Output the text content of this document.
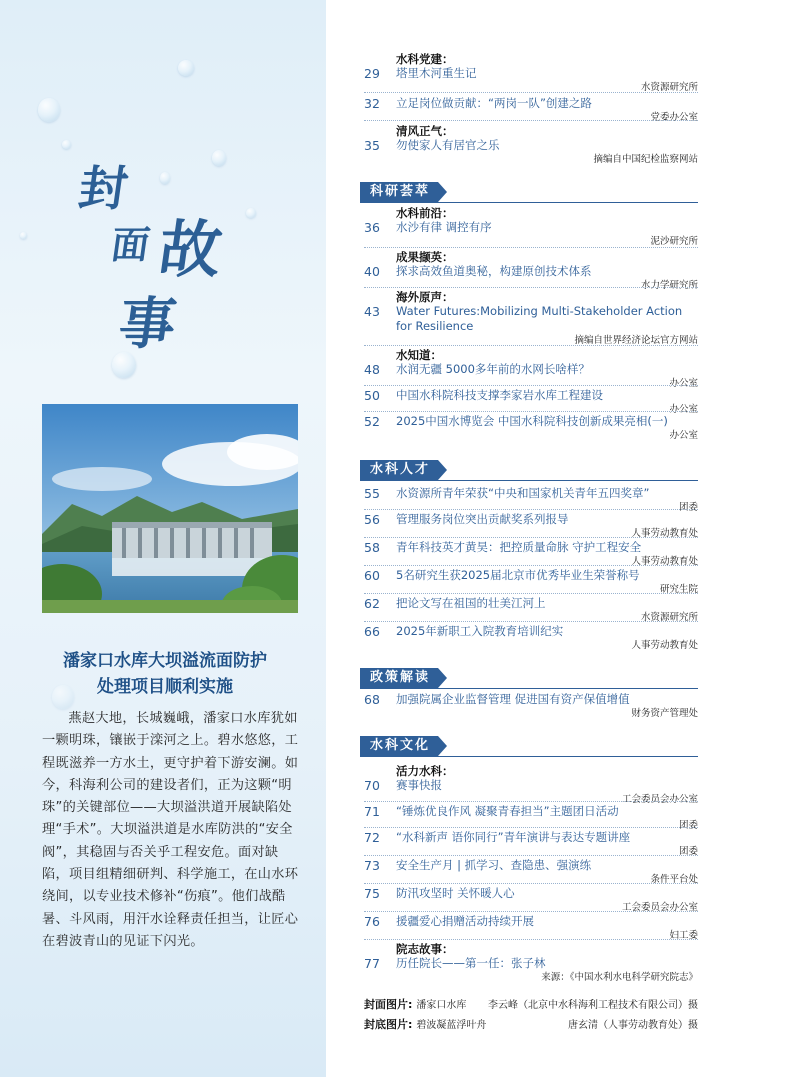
封
面 故
事
潘家口水库大坝溢流面防护
处理项目顺利实施
燕赵大地，长城巍峨，潘家口水库犹如一颗明珠，镶嵌于滦河之上。碧水悠悠，工程既滋养一方水土，更守护着下游安澜。如今，科海利公司的建设者们，正为这颗“明珠”的关键部位——大坝溢洪道开展缺陷处理“手术”。大坝溢洪道是水库防洪的“安全阀”，其稳固与否关乎工程安危。面对缺陷，项目组精细研判、科学施工，在山水环绕间，以专业技术修补“伤痕”。他们战酷暑、斗风雨，用汗水诠释责任担当，让匠心在碧波青山的见证下闪光。
水科党建：
29	塔里木河重生记
水资源研究所
32	立足岗位做贡献：“两岗一队”创建之路
党委办公室
清风正气：
35	勿使家人有居官之乐
摘编自中国纪检监察网站
科研荟萃
水科前沿：
36	水沙有律 调控有序
泥沙研究所
成果撷英：
40	探求高效鱼道奥秘，构建原创技术体系
水力学研究所
海外原声：
43	Water Futures:Mobilizing Multi-Stakeholder Action for Resilience
摘编自世界经济论坛官方网站
水知道：
48	水润无疆 5000多年前的水网长啥样？
办公室
50	中国水科院科技支撑李家岩水库工程建设
办公室
52	2025中国水博览会 中国水科院科技创新成果亮相(一)
办公室
水科人才
55	水资源所青年荣获“中央和国家机关青年五四奖章”
团委
56	管理服务岗位突出贡献奖系列报导
人事劳动教育处
58	青年科技英才黄昊：把控质量命脉 守护工程安全
人事劳动教育处
60	5名研究生获2025届北京市优秀毕业生荣誉称号
研究生院
62	把论文写在祖国的壮美江河上
水资源研究所
66	2025年新职工入院教育培训纪实
人事劳动教育处
政策解读
68	加强院属企业监督管理 促进国有资产保值增值
财务资产管理处
水科文化
活力水科：
70	赛事快报
工会委员会办公室
71	“锤炼优良作风 凝聚青春担当”主题团日活动
团委
72	“水科新声 语你同行”青年演讲与表达专题讲座
团委
73	安全生产月 | 抓学习、查隐患、强演练
条件平台处
75	防汛攻坚时 关怀暖人心
工会委员会办公室
76	援疆爱心捐赠活动持续开展
妇工委
院志故事：
77	历任院长——第一任：张子林
来源：《中国水利水电科学研究院志》
封面图片: 潘家口水库	李云峰（北京中水科海利工程技术有限公司）摄
封底图片: 碧波凝蓝浮叶舟	唐玄清（人事劳动教育处）摄
